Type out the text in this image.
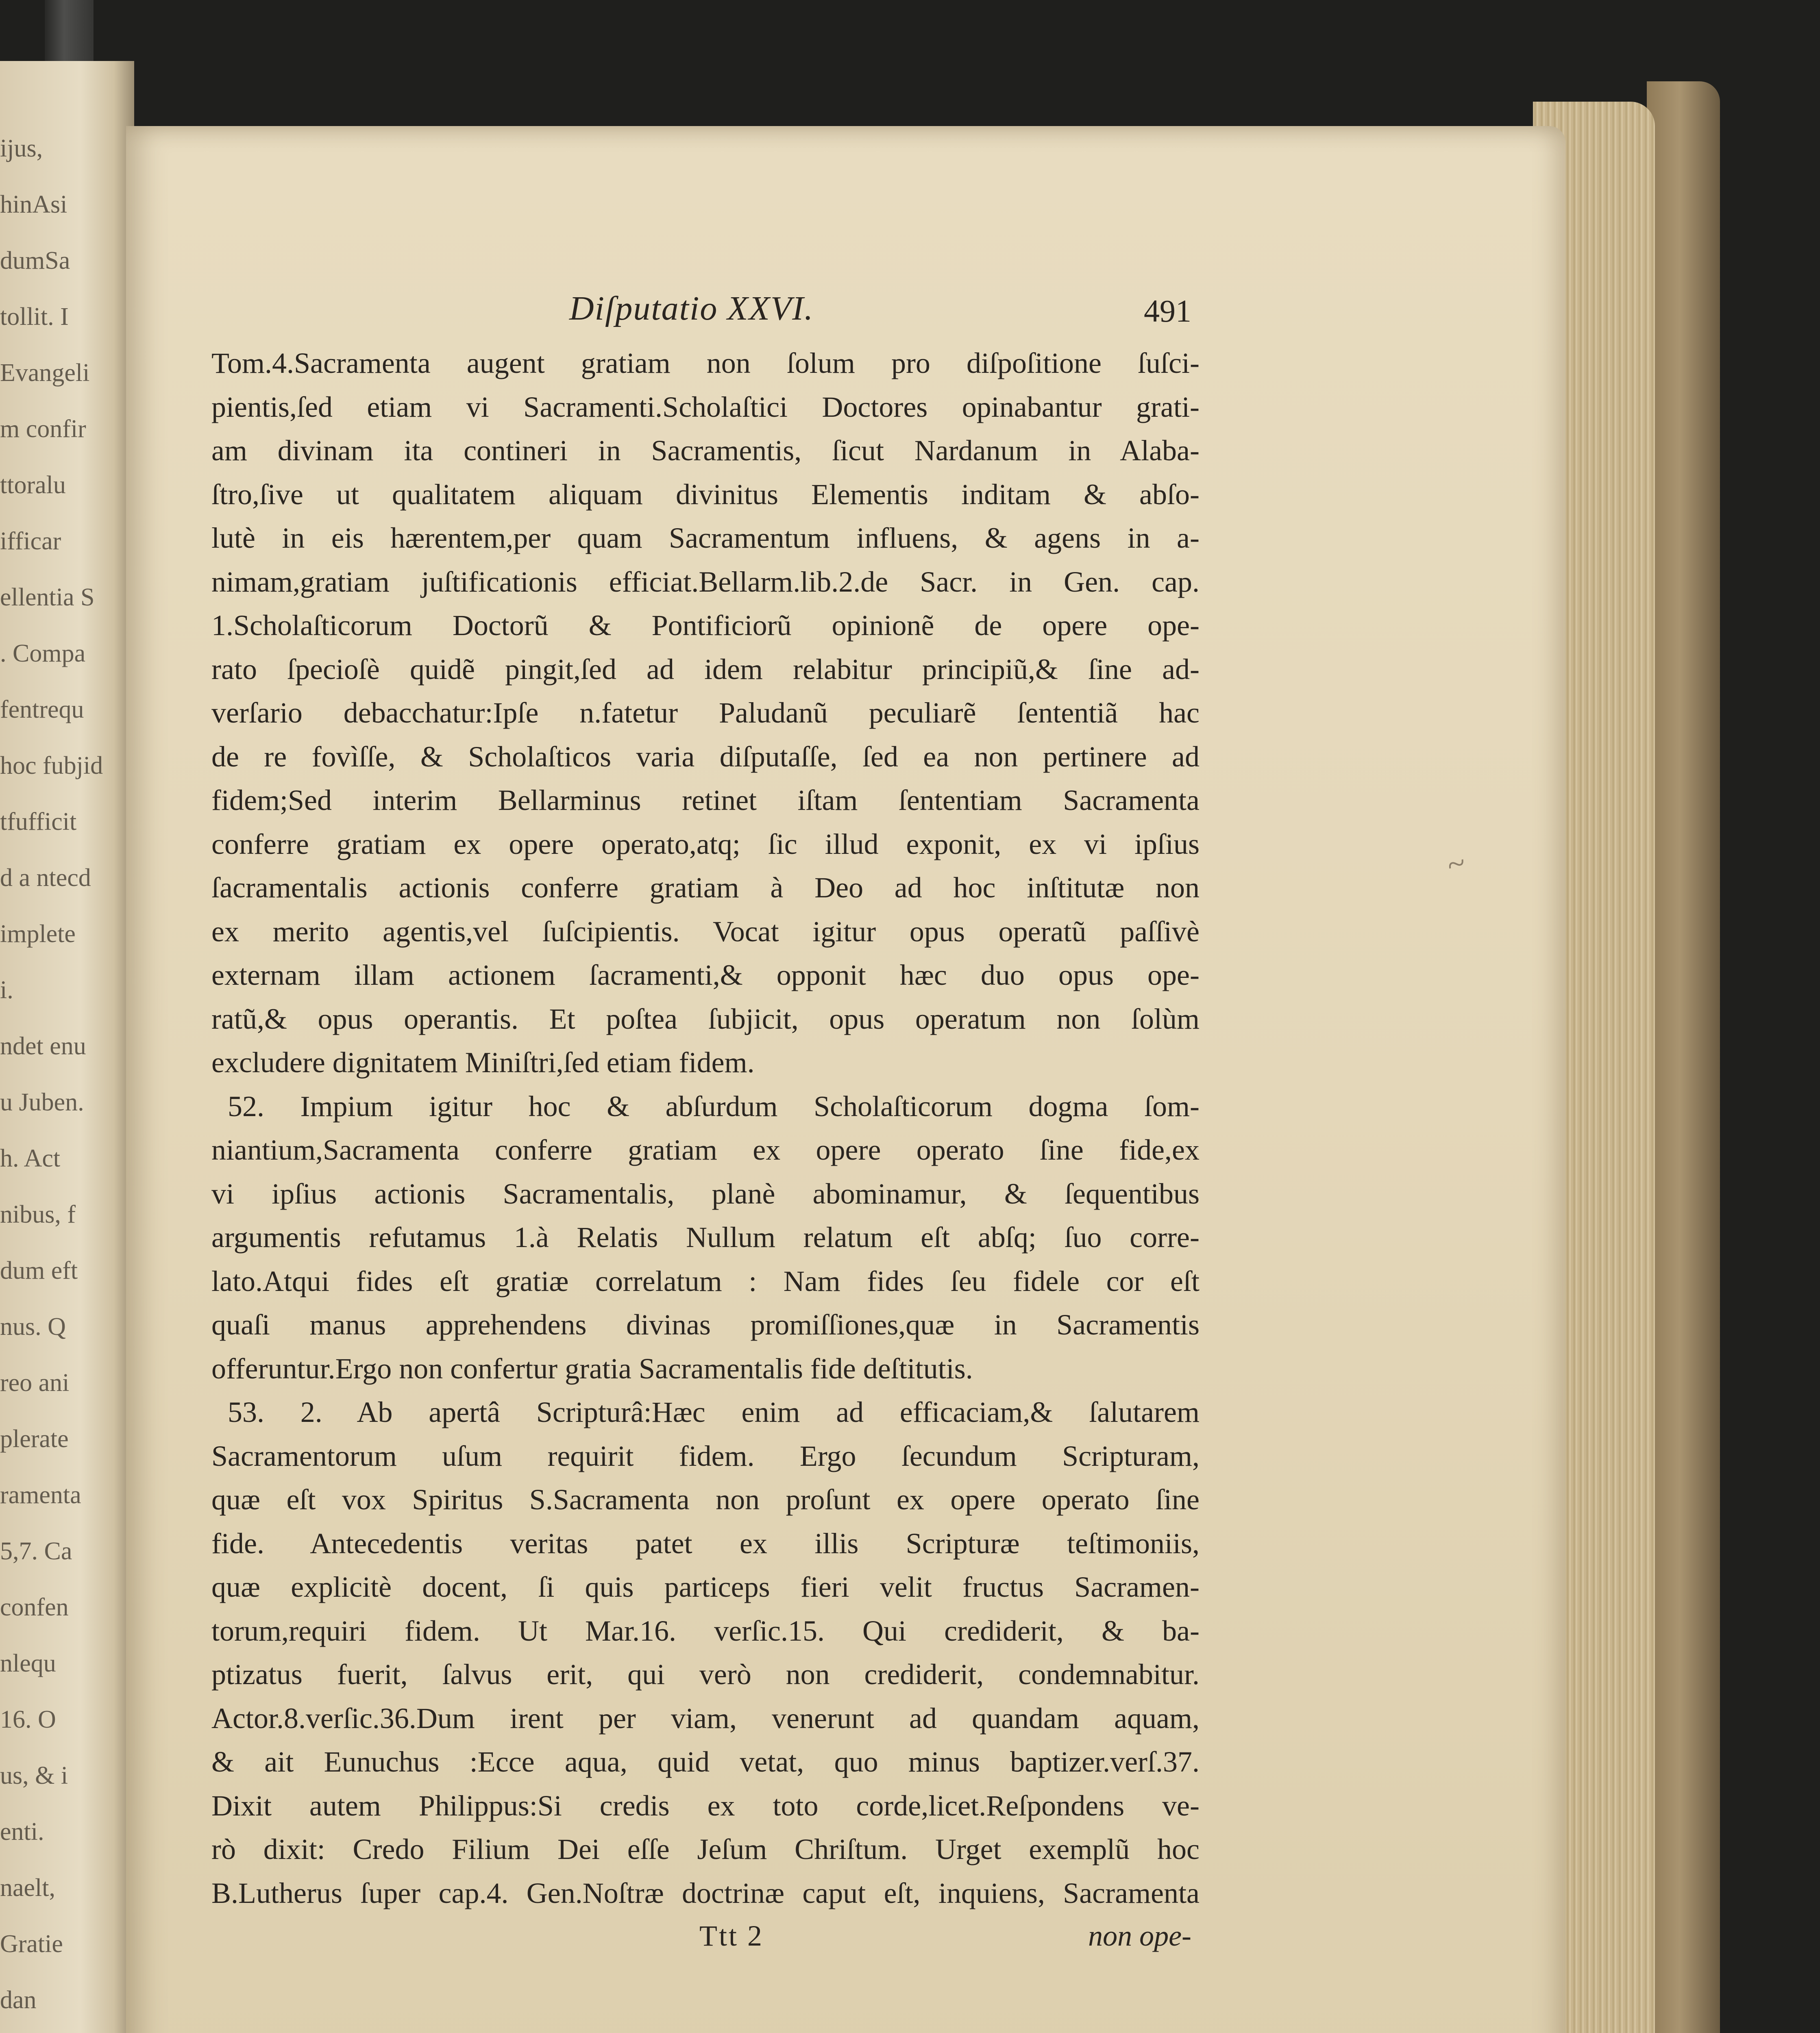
ijus,
hinAsi
dumSa
tollit. I
Evangeli
m confir
ttoralu
ifficar
ellentia S
. Compa
fentrequ
hoc fubjid
tfufficit
d a ntecd
implete
i.
ndet enu
u Juben.
h. Act
nibus, f
dum eft
nus. Q
reo ani
plerate
ramenta
5,7. Ca
confen
nlequ
16. O
us, & i
enti.
naelt,
Gratie
dan
Diſputatio XXVI.	491
Tom.4.Sacramenta augent gratiam non ſolum pro diſpoſitione ſuſci-
pientis,ſed etiam vi Sacramenti.Scholaſtici Doctores opinabantur grati-
am divinam ita contineri in Sacramentis, ſicut Nardanum in Alaba-
ſtro,ſive ut qualitatem aliquam divinitus Elementis inditam & abſo-
lutè in eis hærentem,per quam Sacramentum influens, & agens in a-
nimam,gratiam juſtificationis efficiat.Bellarm.lib.2.de Sacr. in Gen. cap.
1.Scholaſticorum Doctorũ & Pontificiorũ opinionẽ de opere ope-
rato ſpecioſè quidẽ pingit,ſed ad idem relabitur principiũ,& ſine ad-
verſario debacchatur:Ipſe n.fatetur Paludanũ peculiarẽ ſententiã hac
de re fovìſſe, & Scholaſticos varia diſputaſſe, ſed ea non pertinere ad
fidem;Sed interim Bellarminus retinet iſtam ſententiam Sacramenta
conferre gratiam ex opere operato,atq; ſic illud exponit, ex vi ipſius
ſacramentalis actionis conferre gratiam à Deo ad hoc inſtitutæ non
ex merito agentis,vel ſuſcipientis. Vocat igitur opus operatũ paſſivè
externam illam actionem ſacramenti,& opponit hæc duo opus ope-
ratũ,& opus operantis. Et poſtea ſubjicit, opus operatum non ſolùm
excludere dignitatem Miniſtri,ſed etiam fidem.
52. Impium igitur hoc & abſurdum Scholaſticorum dogma ſom-
niantium,Sacramenta conferre gratiam ex opere operato ſine fide,ex
vi ipſius actionis Sacramentalis, planè abominamur, & ſequentibus
argumentis refutamus 1.à Relatis Nullum relatum eſt abſq; ſuo corre-
lato.Atqui fides eſt gratiæ correlatum : Nam fides ſeu fidele cor eſt
quaſi manus apprehendens divinas promiſſiones,quæ in Sacramentis
offeruntur.Ergo non confertur gratia Sacramentalis fide deſtitutis.
53. 2. Ab apertâ Scripturâ:Hæc enim ad efficaciam,& ſalutarem
Sacramentorum uſum requirit fidem. Ergo ſecundum Scripturam,
quæ eſt vox Spiritus S.Sacramenta non proſunt ex opere operato ſine
fide. Antecedentis veritas patet ex illis Scripturæ teſtimoniis,
quæ explicitè docent, ſi quis particeps fieri velit fructus Sacramen-
torum,requiri fidem. Ut Mar.16. verſic.15. Qui crediderit, & ba-
ptizatus fuerit, ſalvus erit, qui verò non crediderit, condemnabitur.
Actor.8.verſic.36.Dum irent per viam, venerunt ad quandam aquam,
& ait Eunuchus :Ecce aqua, quid vetat, quo minus baptizer.verſ.37.
Dixit autem Philippus:Si credis ex toto corde,licet.Reſpondens ve-
rò dixit: Credo Filium Dei eſſe Jeſum Chriſtum. Urget exemplũ hoc
B.Lutherus ſuper cap.4. Gen.Noſtræ doctrinæ caput eſt, inquiens, Sacramenta
Ttt 2	non ope-
~
